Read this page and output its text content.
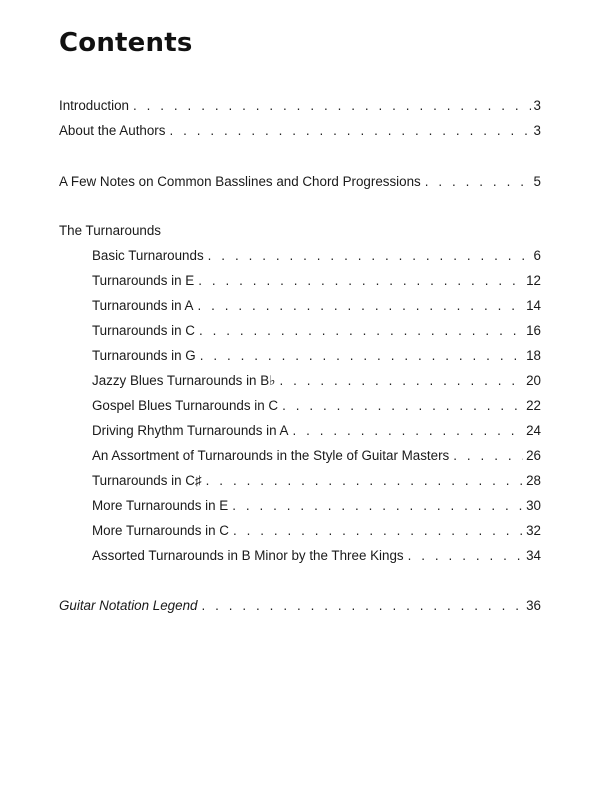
Contents
Introduction . . .	3
About the Authors . . .	3
A Few Notes on Common Basslines and Chord Progressions . . .	5
The Turnarounds
Basic Turnarounds . . .	6
Turnarounds in E . . .	12
Turnarounds in A . . .	14
Turnarounds in C . . .	16
Turnarounds in G . . .	18
Jazzy Blues Turnarounds in B♭ . . .	20
Gospel Blues Turnarounds in C . . .	22
Driving Rhythm Turnarounds in A . . .	24
An Assortment of Turnarounds in the Style of Guitar Masters . . .	26
Turnarounds in C♯ . . .	28
More Turnarounds in E . . .	30
More Turnarounds in C . . .	32
Assorted Turnarounds in B Minor by the Three Kings . . .	34
Guitar Notation Legend . . .	36
